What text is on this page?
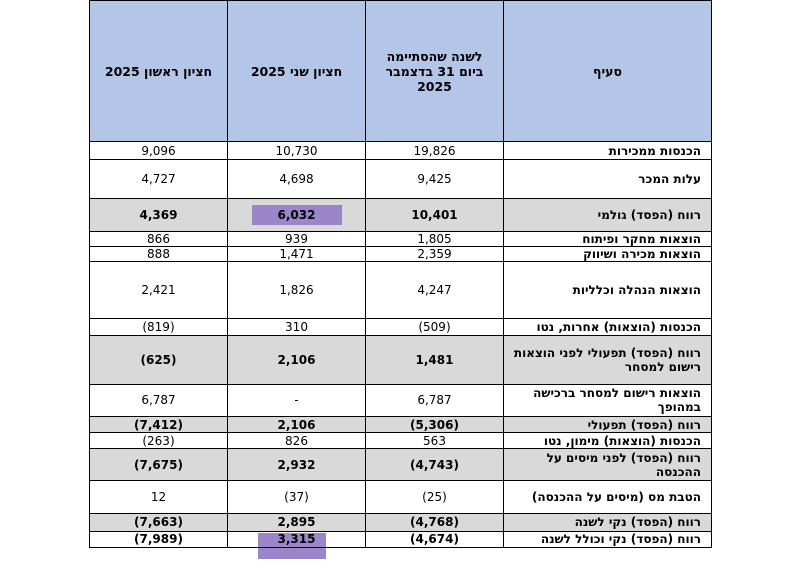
חציון ראשון 2025	חציון שני 2025	לשנה שהסתיימה ביום 31 בדצמבר 2025	סעיף
9,096	10,730	19,826	הכנסות ממכירות
4,727	4,698	9,425	עלות המכר
4,369	6,032	10,401	רווח (הפסד) גולמי
866	939	1,805	הוצאות מחקר ופיתוח
888	1,471	2,359	הוצאות מכירה ושיווק
2,421	1,826	4,247	הוצאות הנהלה וכלליות
(819)	310	(509)	הכנסות (הוצאות) אחרות, נטו
(625)	2,106	1,481	רווח (הפסד) תפעולי לפני הוצאות רישום למסחר
6,787	-	6,787	הוצאות רישום למסחר ברכישה במהופך
(7,412)	2,106	(5,306)	רווח (הפסד) תפעולי
(263)	826	563	הכנסות (הוצאות) מימון, נטו
(7,675)	2,932	(4,743)	רווח (הפסד) לפני מיסים על ההכנסה
12	(37)	(25)	הטבת מס (מיסים על ההכנסה)
(7,663)	2,895	(4,768)	רווח (הפסד) נקי לשנה
(7,989)	3,315	(4,674)	רווח (הפסד) נקי וכולל לשנה
